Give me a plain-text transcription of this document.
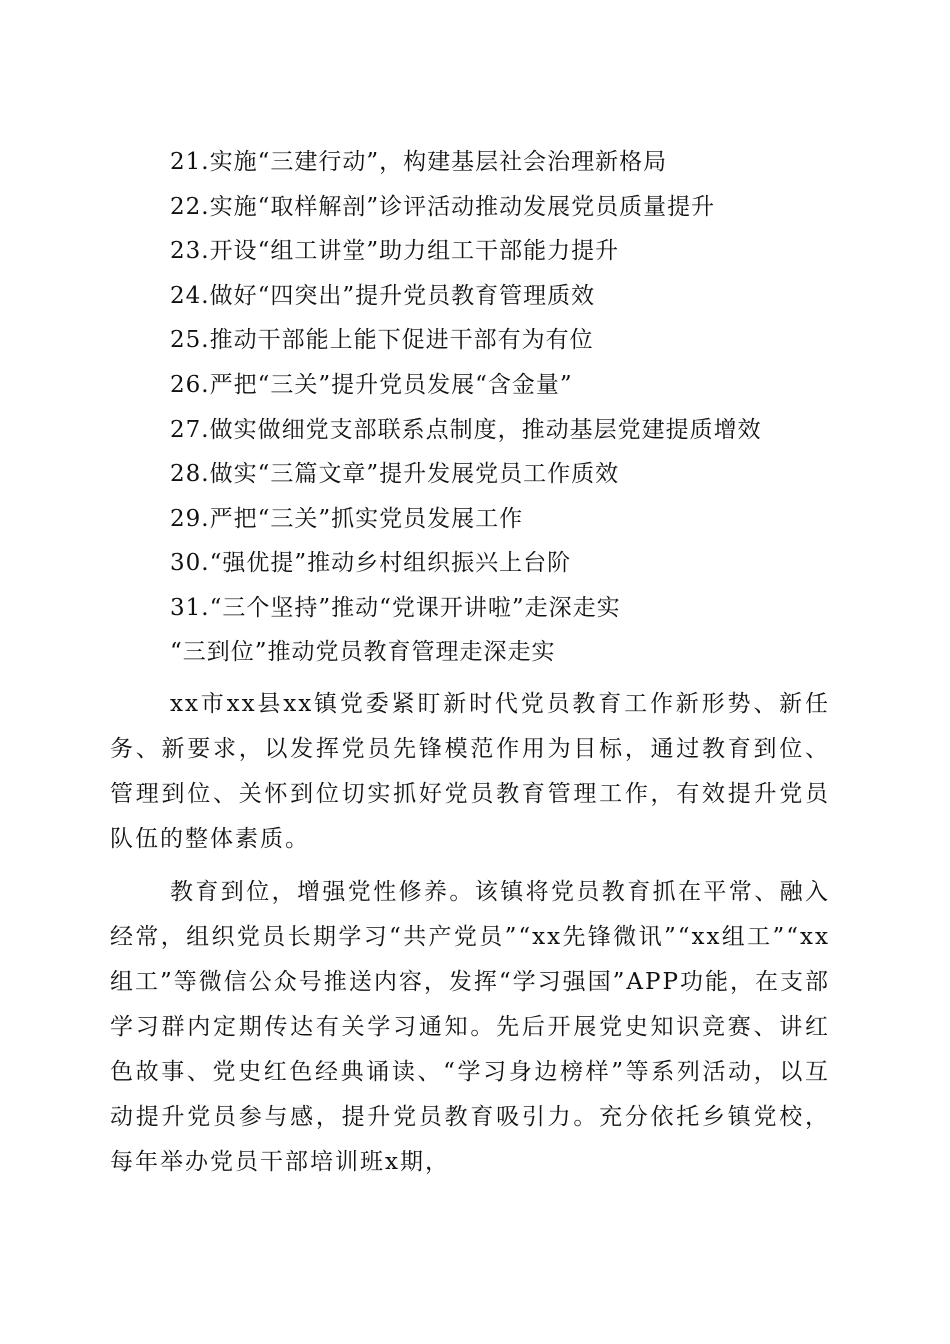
21.实施“三建行动”，构建基层社会治理新格局
22.实施“取样解剖”诊评活动推动发展党员质量提升
23.开设“组工讲堂”助力组工干部能力提升
24.做好“四突出”提升党员教育管理质效
25.推动干部能上能下促进干部有为有位
26.严把“三关”提升党员发展“含金量”
27.做实做细党支部联系点制度，推动基层党建提质增效
28.做实“三篇文章”提升发展党员工作质效
29.严把“三关”抓实党员发展工作
30.“强优提”推动乡村组织振兴上台阶
31.“三个坚持”推动“党课开讲啦”走深走实
“三到位”推动党员教育管理走深走实

xx市xx县xx镇党委紧盯新时代党员教育工作新形势、新任务、新要求，以发挥党员先锋模范作用为目标，通过教育到位、管理到位、关怀到位切实抓好党员教育管理工作，有效提升党员队伍的整体素质。

教育到位，增强党性修养。该镇将党员教育抓在平常、融入经常，组织党员长期学习“共产党员”“xx先锋微讯”“xx组工”“xx组工”等微信公众号推送内容，发挥“学习强国”APP功能，在支部学习群内定期传达有关学习通知。先后开展党史知识竞赛、讲红色故事、党史红色经典诵读、“学习身边榜样”等系列活动，以互动提升党员参与感，提升党员教育吸引力。充分依托乡镇党校，每年举办党员干部培训班x期，
